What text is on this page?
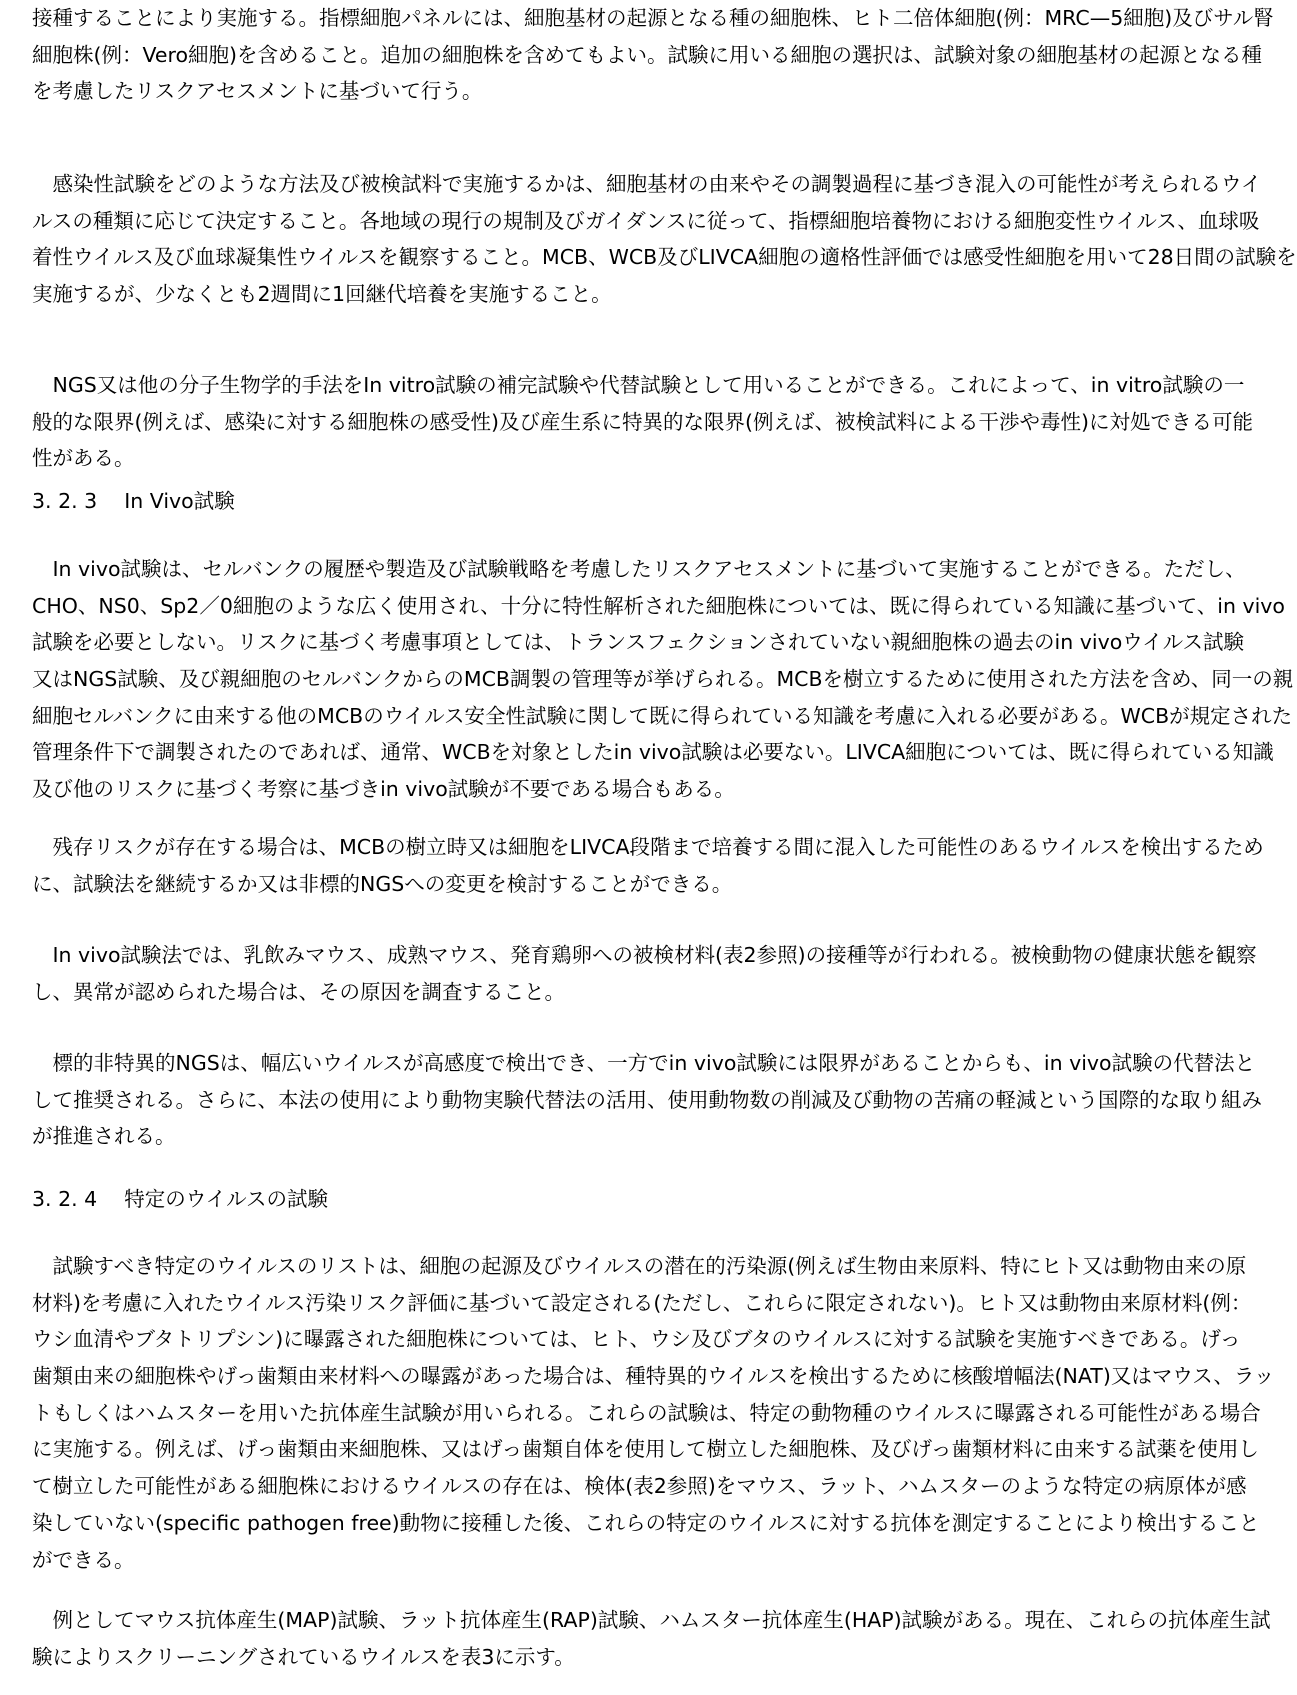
接種することにより実施する。指標細胞パネルには、細胞基材の起源となる種の細胞株、ヒト二倍体細胞(例：MRC—5細胞)及びサル腎
細胞株(例：Vero細胞)を含めること。追加の細胞株を含めてもよい。試験に用いる細胞の選択は、試験対象の細胞基材の起源となる種
を考慮したリスクアセスメントに基づいて行う。
　感染性試験をどのような方法及び被検試料で実施するかは、細胞基材の由来やその調製過程に基づき混入の可能性が考えられるウイ
ルスの種類に応じて決定すること。各地域の現行の規制及びガイダンスに従って、指標細胞培養物における細胞変性ウイルス、血球吸
着性ウイルス及び血球凝集性ウイルスを観察すること。MCB、WCB及びLIVCA細胞の適格性評価では感受性細胞を用いて28日間の試験を
実施するが、少なくとも2週間に1回継代培養を実施すること。
　NGS又は他の分子生物学的手法をIn vitro試験の補完試験や代替試験として用いることができる。これによって、in vitro試験の一
般的な限界(例えば、感染に対する細胞株の感受性)及び産生系に特異的な限界(例えば、被検試料による干渉や毒性)に対処できる可能
性がある。
3. 2. 3　 In Vivo試験
　In vivo試験は、セルバンクの履歴や製造及び試験戦略を考慮したリスクアセスメントに基づいて実施することができる。ただし、
CHO、NS0、Sp2／0細胞のような広く使用され、十分に特性解析された細胞株については、既に得られている知識に基づいて、in vivo
試験を必要としない。リスクに基づく考慮事項としては、トランスフェクションされていない親細胞株の過去のin vivoウイルス試験
又はNGS試験、及び親細胞のセルバンクからのMCB調製の管理等が挙げられる。MCBを樹立するために使用された方法を含め、同一の親
細胞セルバンクに由来する他のMCBのウイルス安全性試験に関して既に得られている知識を考慮に入れる必要がある。WCBが規定された
管理条件下で調製されたのであれば、通常、WCBを対象としたin vivo試験は必要ない。LIVCA細胞については、既に得られている知識
及び他のリスクに基づく考察に基づきin vivo試験が不要である場合もある。
　残存リスクが存在する場合は、MCBの樹立時又は細胞をLIVCA段階まで培養する間に混入した可能性のあるウイルスを検出するため
に、試験法を継続するか又は非標的NGSへの変更を検討することができる。
　In vivo試験法では、乳飲みマウス、成熟マウス、発育鶏卵への被検材料(表2参照)の接種等が行われる。被検動物の健康状態を観察
し、異常が認められた場合は、その原因を調査すること。
　標的非特異的NGSは、幅広いウイルスが高感度で検出でき、一方でin vivo試験には限界があることからも、in vivo試験の代替法と
して推奨される。さらに、本法の使用により動物実験代替法の活用、使用動物数の削減及び動物の苦痛の軽減という国際的な取り組み
が推進される。
3. 2. 4　 特定のウイルスの試験
　試験すべき特定のウイルスのリストは、細胞の起源及びウイルスの潜在的汚染源(例えば生物由来原料、特にヒト又は動物由来の原
材料)を考慮に入れたウイルス汚染リスク評価に基づいて設定される(ただし、これらに限定されない)。ヒト又は動物由来原材料(例：
ウシ血清やブタトリプシン)に曝露された細胞株については、ヒト、ウシ及びブタのウイルスに対する試験を実施すべきである。げっ
歯類由来の細胞株やげっ歯類由来材料への曝露があった場合は、種特異的ウイルスを検出するために核酸増幅法(NAT)又はマウス、ラッ
トもしくはハムスターを用いた抗体産生試験が用いられる。これらの試験は、特定の動物種のウイルスに曝露される可能性がある場合
に実施する。例えば、げっ歯類由来細胞株、又はげっ歯類自体を使用して樹立した細胞株、及びげっ歯類材料に由来する試薬を使用し
て樹立した可能性がある細胞株におけるウイルスの存在は、検体(表2参照)をマウス、ラット、ハムスターのような特定の病原体が感
染していない(specific pathogen free)動物に接種した後、これらの特定のウイルスに対する抗体を測定することにより検出すること
ができる。
　例としてマウス抗体産生(MAP)試験、ラット抗体産生(RAP)試験、ハムスター抗体産生(HAP)試験がある。現在、これらの抗体産生試
験によりスクリーニングされているウイルスを表3に示す。
